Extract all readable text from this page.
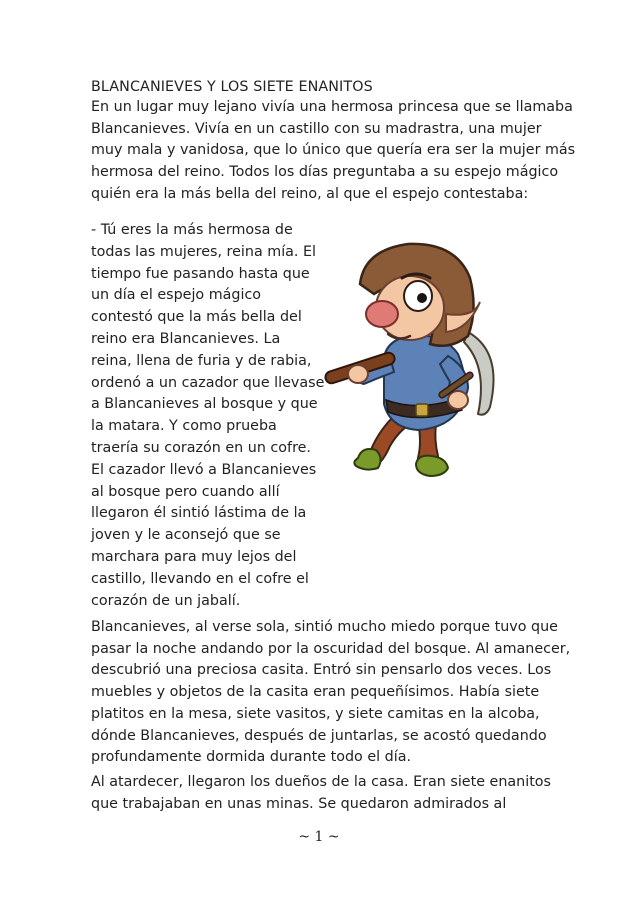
BLANCANIEVES Y LOS SIETE ENANITOS
En un lugar muy lejano vivía una hermosa princesa que se llamaba
Blancanieves. Vivía en un castillo con su madrastra, una mujer
muy mala y vanidosa, que lo único que quería era ser la mujer más
hermosa del reino. Todos los días preguntaba a su espejo mágico
quién era la más bella del reino, al que el espejo contestaba:
- Tú eres la más hermosa de
todas las mujeres, reina mía. El
tiempo fue pasando hasta que
un día el espejo mágico
contestó que la más bella del
reino era Blancanieves. La
reina, llena de furia y de rabia,
ordenó a un cazador que llevase
a Blancanieves al bosque y que
la matara. Y como prueba
traería su corazón en un cofre.
El cazador llevó a Blancanieves
al bosque pero cuando allí
llegaron él sintió lástima de la
joven y le aconsejó que se
marchara para muy lejos del
castillo, llevando en el cofre el
corazón de un jabalí.
Blancanieves, al verse sola, sintió mucho miedo porque tuvo que
pasar la noche andando por la oscuridad del bosque. Al amanecer,
descubrió una preciosa casita. Entró sin pensarlo dos veces. Los
muebles y objetos de la casita eran pequeñísimos. Había siete
platitos en la mesa, siete vasitos, y siete camitas en la alcoba,
dónde Blancanieves, después de juntarlas, se acostó quedando
profundamente dormida durante todo el día.
Al atardecer, llegaron los dueños de la casa. Eran siete enanitos
que trabajaban en unas minas. Se quedaron admirados al
~ 1 ~
